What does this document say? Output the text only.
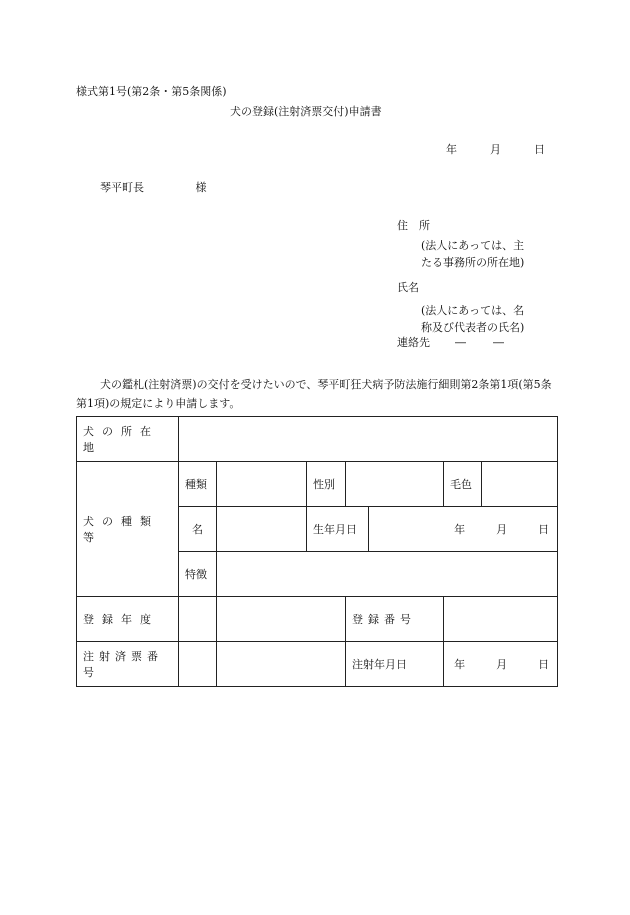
様式第1号(第2条・第5条関係)
犬の登録(注射済票交付)申請書
年	月	日
琴平町長	様
住　所
(法人にあっては、主
たる事務所の所在地)
氏名
(法人にあっては、名
称及び代表者の氏名)
連絡先 ― ―
犬の鑑札(注射済票)の交付を受けたいので、琴平町狂犬病予防法施行細則第2条第1項(第5条第1項)の規定により申請します。
犬の所在地							
犬の種類等	種類		性別			毛色	
	名		生年月日		年 月 日		
	特徴						
登録年度				登録番号			
注射済票番号				注射年月日		年 月 日	
